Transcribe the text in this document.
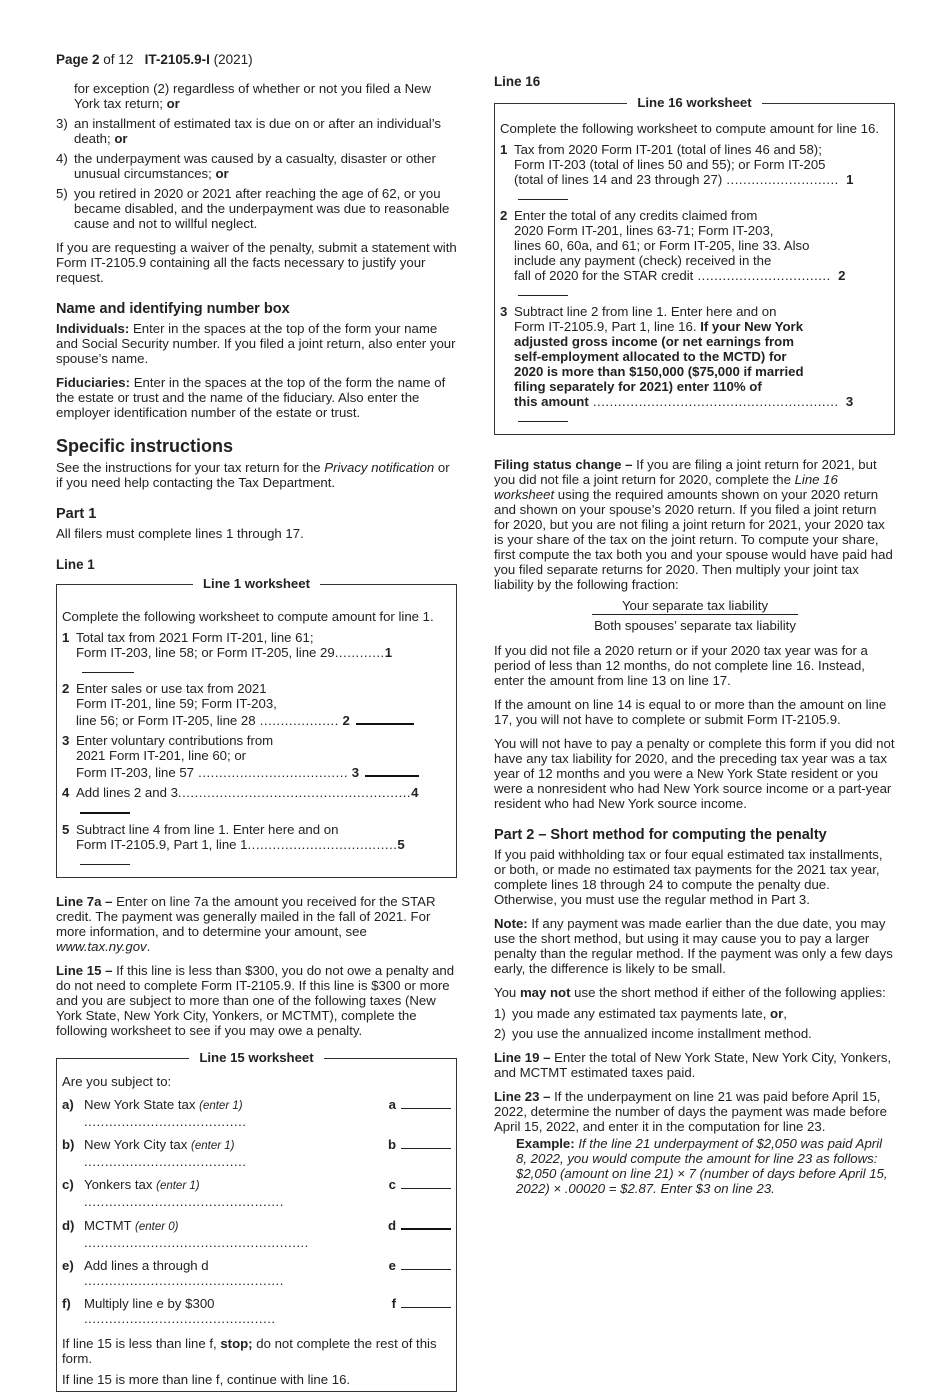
Page 2 of 12 IT-2105.9-I (2021)
for exception (2) regardless of whether or not you filed a New York tax return; or
3) an installment of estimated tax is due on or after an individual’s death; or
4) the underpayment was caused by a casualty, disaster or other unusual circumstances; or
5) you retired in 2020 or 2021 after reaching the age of 62, or you became disabled, and the underpayment was due to reasonable cause and not to willful neglect.

If you are requesting a waiver of the penalty, submit a statement with Form IT-2105.9 containing all the facts necessary to justify your request.

Name and identifying number box

Individuals: Enter in the spaces at the top of the form your name and Social Security number. If you filed a joint return, also enter your spouse’s name.

Fiduciaries: Enter in the spaces at the top of the form the name of the estate or trust and the name of the fiduciary. Also enter the employer identification number of the estate or trust.

Specific instructions

See the instructions for your tax return for the Privacy notification or if you need help contacting the Tax Department.

Part 1

All filers must complete lines 1 through 17.

Line 1
Line 1 worksheet

Complete the following worksheet to compute amount for line 1.

1 Total tax from 2021 Form IT-201, line 61;
Form IT-203, line 58; or Form IT-205, line 29............1
2 Enter sales or use tax from 2021
Form IT-201, line 59; Form IT-203,
line 56; or Form IT-205, line 28 ................... 2
3 Enter voluntary contributions from
2021 Form IT-201, line 60; or
Form IT-203, line 57 .................................... 3
4 Add lines 2 and 3........................................................4
5 Subtract line 4 from line 1. Enter here and on
Form IT-2105.9, Part 1, line 1....................................5

Line 7a – Enter on line 7a the amount you received for the STAR credit. The payment was generally mailed in the fall of 2021. For more information, and to determine your amount, see www.tax.ny.gov.

Line 15 – If this line is less than $300, you do not owe a penalty and do not need to complete Form IT-2105.9. If this line is $300 or more and you are subject to more than one of the following taxes (New York State, New York City, Yonkers, or MCTMT), complete the following worksheet to see if you may owe a penalty.

Line 15 worksheet

Are you subject to:

a) New York State tax (enter 1) .......................................
a
b) New York City tax (enter 1) .......................................
b
c) Yonkers tax (enter 1) ................................................
c
d) MCTMT (enter 0) ......................................................
d
e) Add lines a through d ................................................
e
f)	Multiply line e by $300 ..............................................
f

If line 15 is less than line f, stop; do not complete the rest of this form.

If line 15 is more than line f, continue with line 16.

Line 16
Line 16 worksheet

Complete the following worksheet to compute amount for line 16.

1 Tax from 2020 Form IT-201 (total of lines 46 and 58);
Form IT-203 (total of lines 50 and 55); or Form IT-205
(total of lines 14 and 23 through 27) ........................... 1
2 Enter the total of any credits claimed from
2020 Form IT-201, lines 63-71; Form IT-203,
lines 60, 60a, and 61; or Form IT-205, line 33. Also
include any payment (check) received in the
fall of 2020 for the STAR credit ................................ 2
3 Subtract line 2 from line 1. Enter here and on
Form IT-2105.9, Part 1, line 16. If your New York
adjusted gross income (or net earnings from
self-employment allocated to the MCTD) for
2020 is more than $150,000 ($75,000 if married
filing separately for 2021) enter 110% of
this amount ........................................................... 3

Filing status change – If you are filing a joint return for 2021, but you did not file a joint return for 2020, complete the Line 16 worksheet using the required amounts shown on your 2020 return and shown on your spouse’s 2020 return. If you filed a joint return for 2020, but you are not filing a joint return for 2021, your 2020 tax is your share of the tax on the joint return. To compute your share, first compute the tax both you and your spouse would have paid had you filed separate returns for 2020. Then multiply your joint tax liability by the following fraction:

Your separate tax liability
Both spouses’ separate tax liability

If you did not file a 2020 return or if your 2020 tax year was for a period of less than 12 months, do not complete line 16. Instead, enter the amount from line 13 on line 17.

If the amount on line 14 is equal to or more than the amount on line 17, you will not have to complete or submit Form IT-2105.9.

You will not have to pay a penalty or complete this form if you did not have any tax liability for 2020, and the preceding tax year was a tax year of 12 months and you were a New York State resident or you were a nonresident who had New York source income or a part-year resident who had New York source income.

Part 2 – Short method for computing the penalty

If you paid withholding tax or four equal estimated tax installments, or both, or made no estimated tax payments for the 2021 tax year, complete lines 18 through 24 to compute the penalty due. Otherwise, you must use the regular method in Part 3.

Note: If any payment was made earlier than the due date, you may use the short method, but using it may cause you to pay a larger penalty than the regular method. If the payment was only a few days early, the difference is likely to be small.

You may not use the short method if either of the following applies:

1) you made any estimated tax payments late, or,
2) you use the annualized income installment method.

Line 19 – Enter the total of New York State, New York City, Yonkers, and MCTMT estimated taxes paid.

Line 23 – If the underpayment on line 21 was paid before April 15, 2022, determine the number of days the payment was made before April 15, 2022, and enter it in the computation for line 23.

Example: If the line 21 underpayment of $2,050 was paid April 8, 2022, you would compute the amount for line 23 as follows: $2,050 (amount on line 21) × 7 (number of days before April 15, 2022) × .00020 = $2.87. Enter $3 on line 23.
